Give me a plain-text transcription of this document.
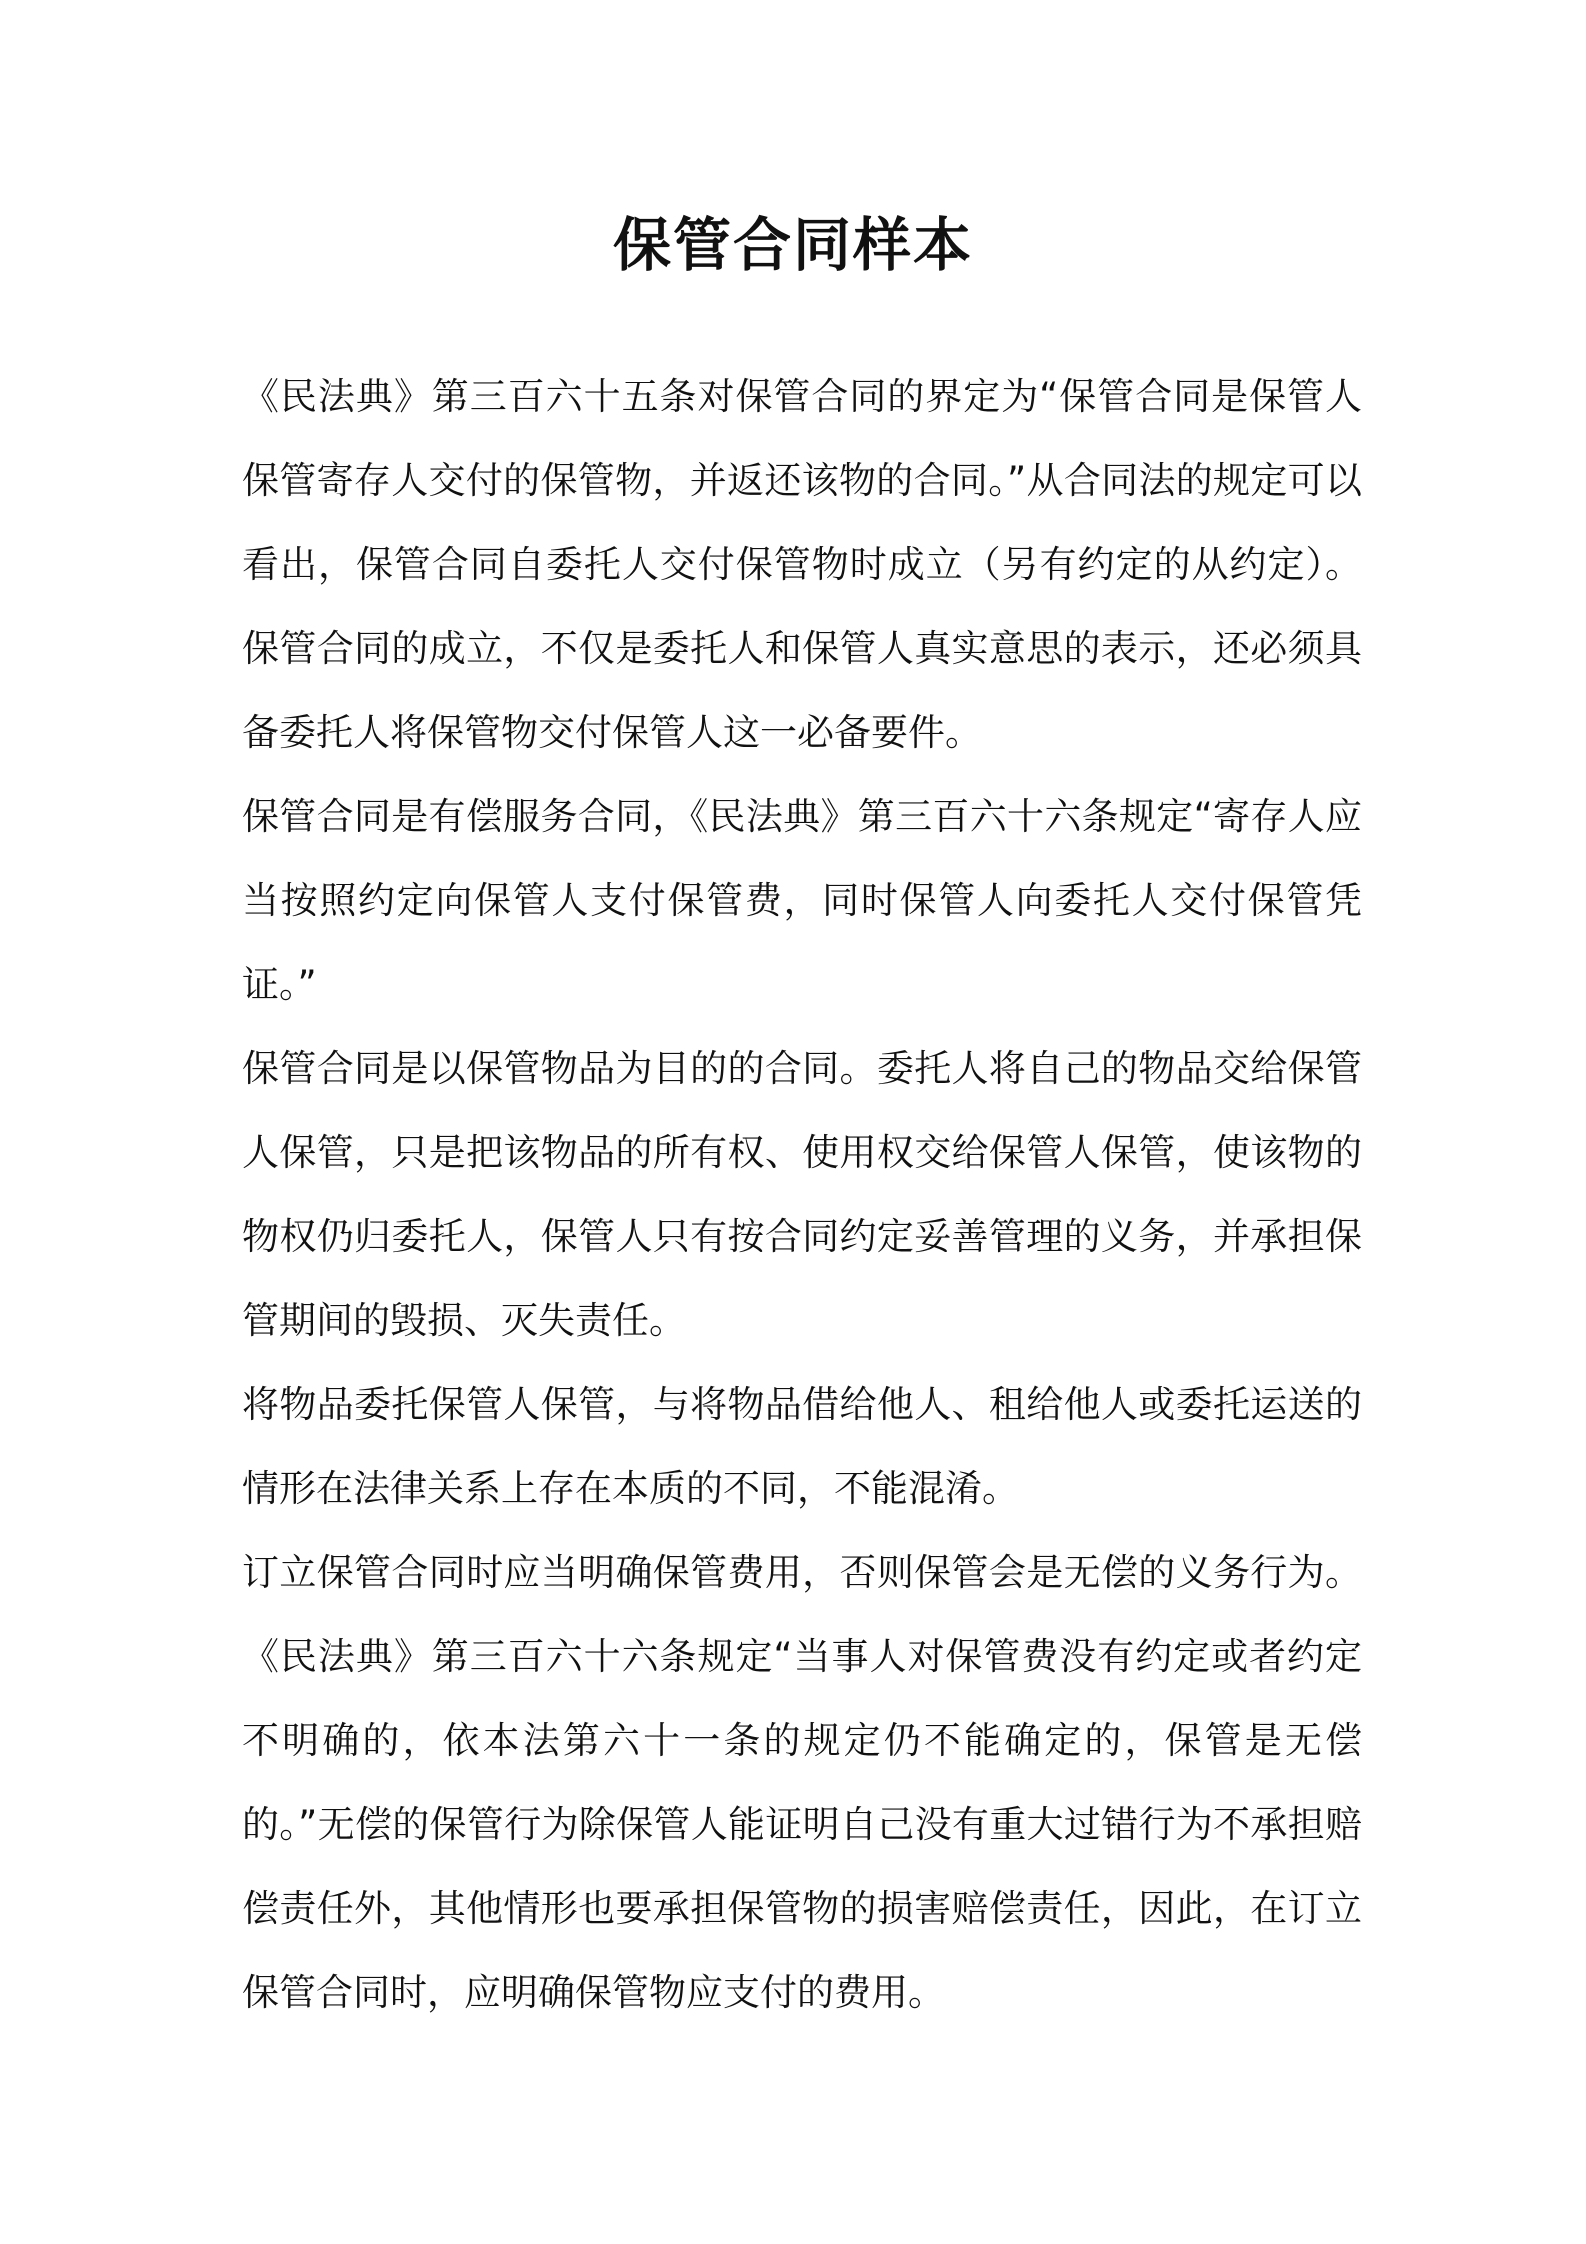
保管合同样本

《民法典》第三百六十五条对保管合同的界定为“保管合同是保管人保管寄存人交付的保管物，并返还该物的合同。”从合同法的规定可以看出，保管合同自委托人交付保管物时成立（另有约定的从约定）。保管合同的成立，不仅是委托人和保管人真实意思的表示，还必须具备委托人将保管物交付保管人这一必备要件。

保管合同是有偿服务合同，《民法典》第三百六十六条规定“寄存人应当按照约定向保管人支付保管费，同时保管人向委托人交付保管凭证。”

保管合同是以保管物品为目的的合同。委托人将自己的物品交给保管人保管，只是把该物品的所有权、使用权交给保管人保管，使该物的物权仍归委托人，保管人只有按合同约定妥善管理的义务，并承担保管期间的毁损、灭失责任。

将物品委托保管人保管，与将物品借给他人、租给他人或委托运送的情形在法律关系上存在本质的不同，不能混淆。

订立保管合同时应当明确保管费用，否则保管会是无偿的义务行为。《民法典》第三百六十六条规定“当事人对保管费没有约定或者约定不明确的，依本法第六十一条的规定仍不能确定的，保管是无偿的。”无偿的保管行为除保管人能证明自己没有重大过错行为不承担赔偿责任外，其他情形也要承担保管物的损害赔偿责任，因此，在订立保管合同时，应明确保管物应支付的费用。
